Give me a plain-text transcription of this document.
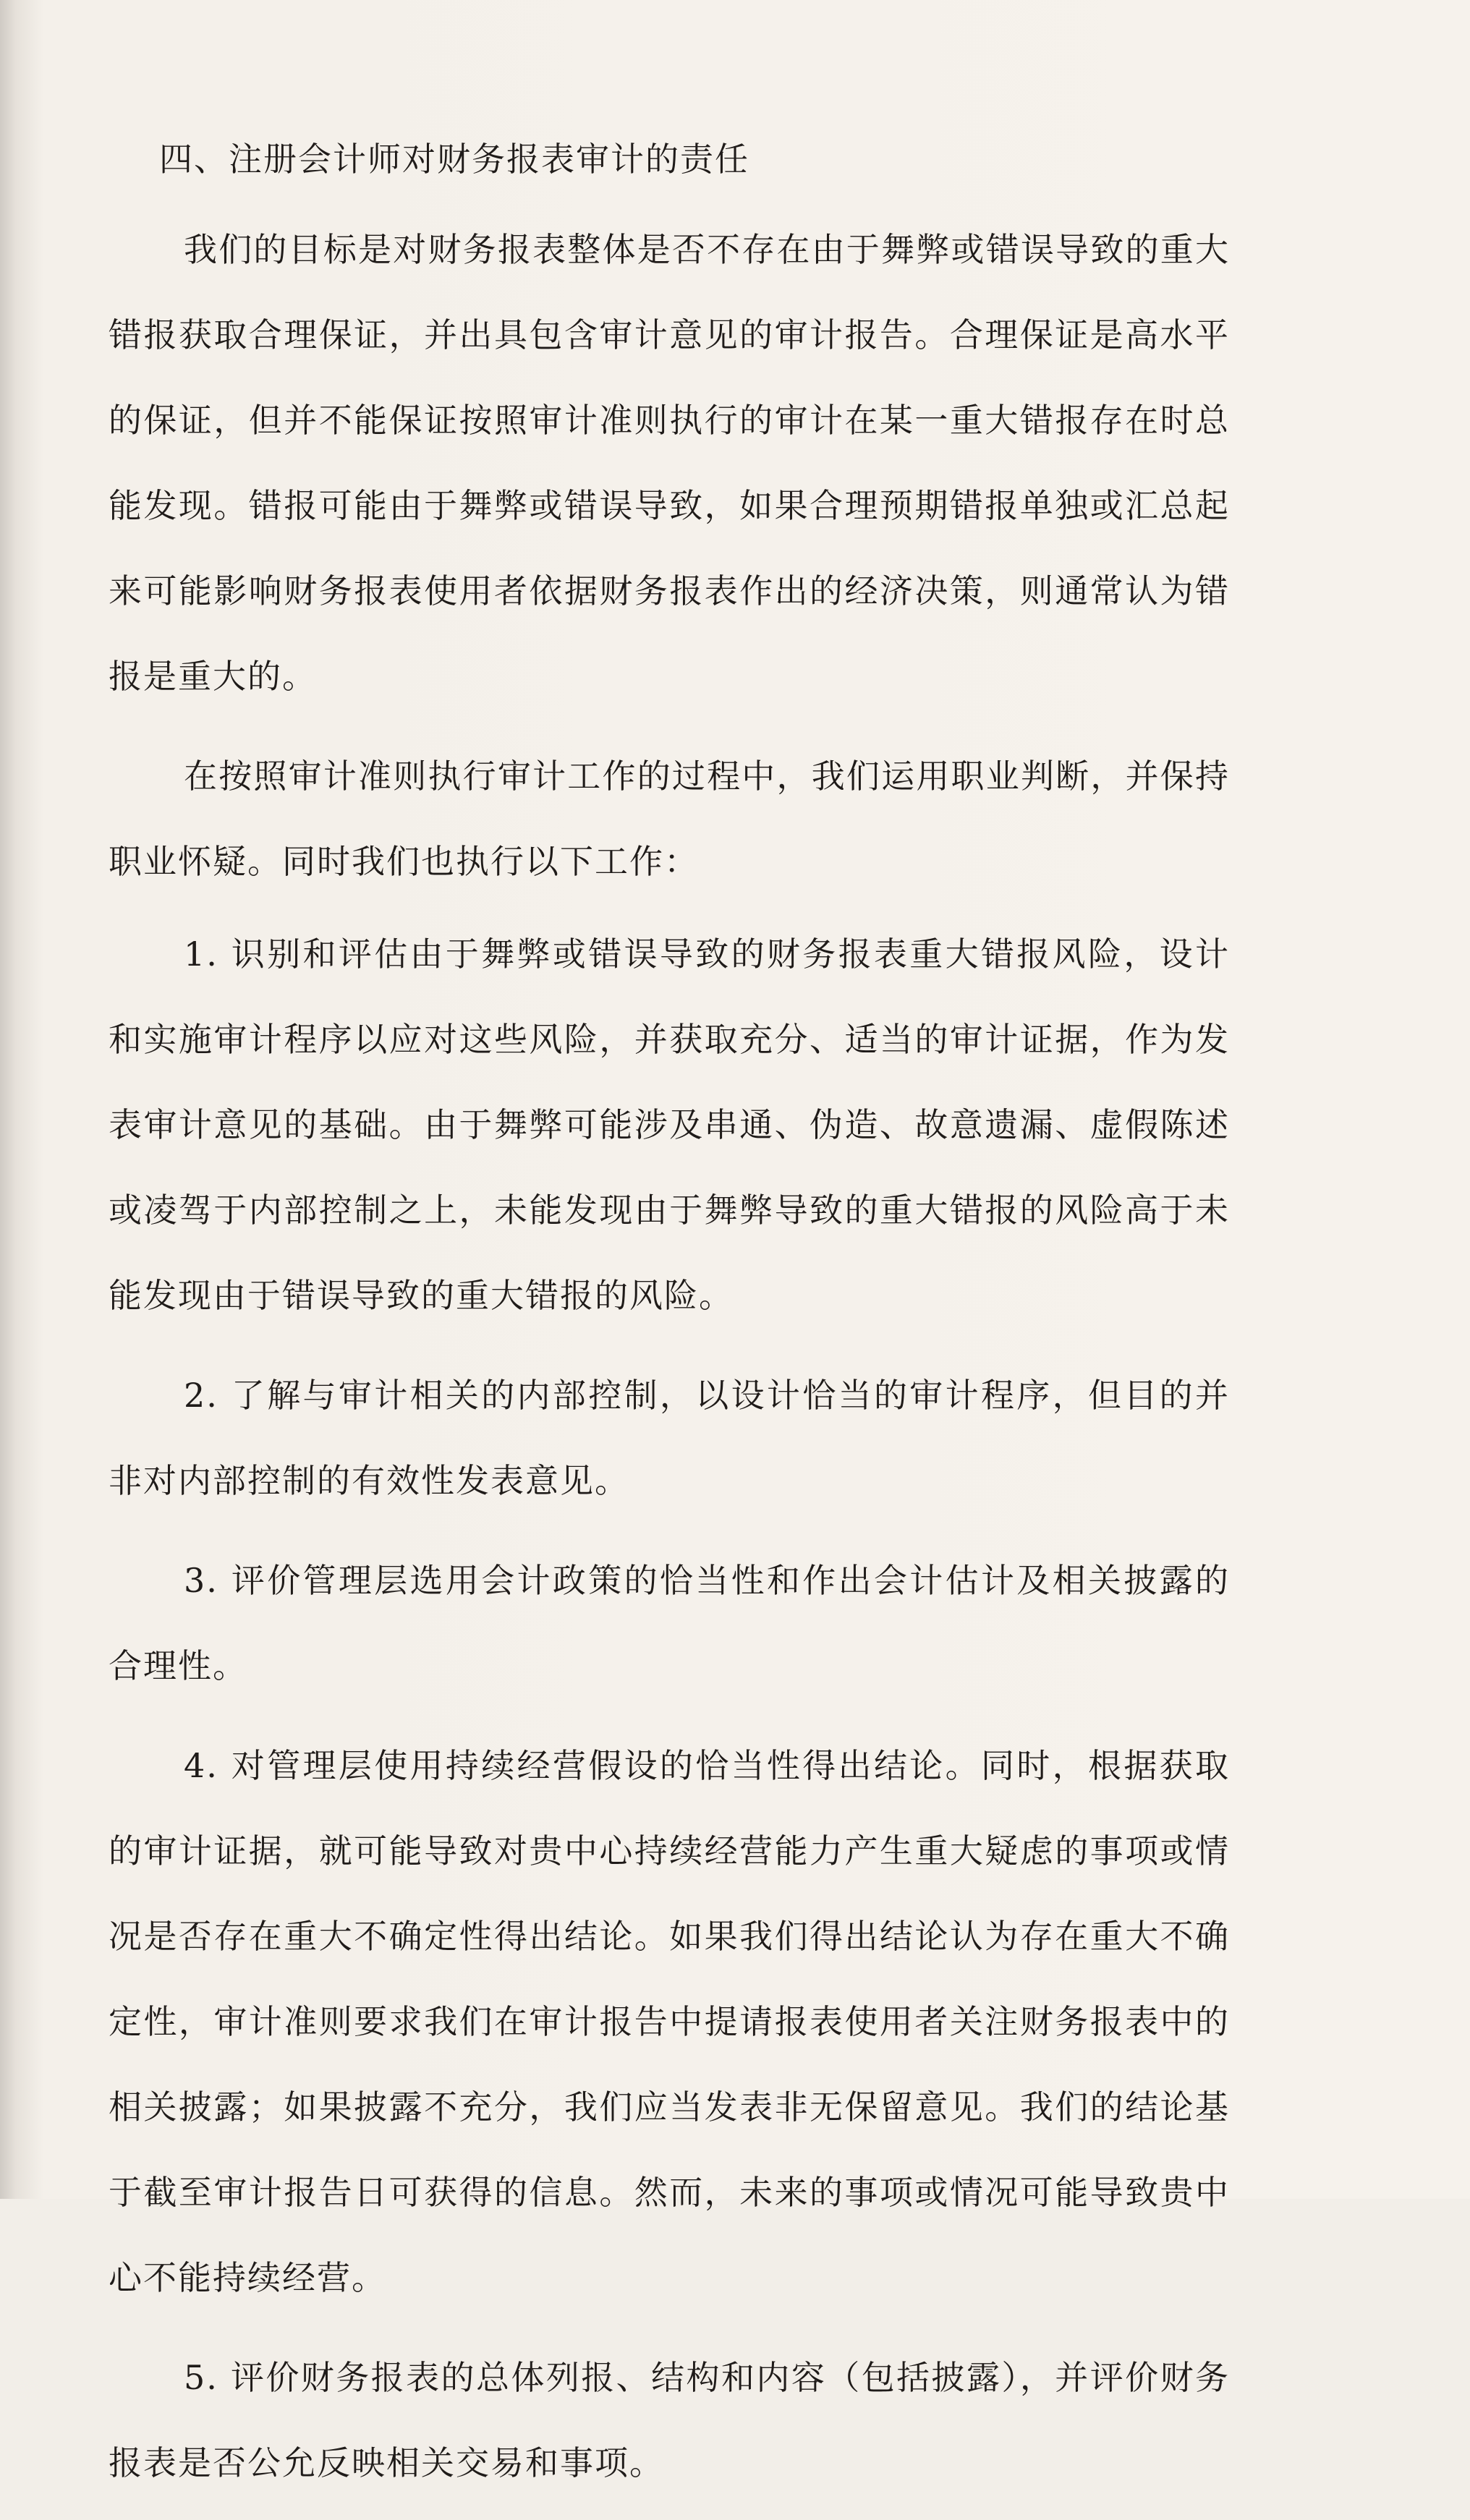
四、注册会计师对财务报表审计的责任

我们的目标是对财务报表整体是否不存在由于舞弊或错误导致的重大错报获取合理保证，并出具包含审计意见的审计报告。合理保证是高水平的保证，但并不能保证按照审计准则执行的审计在某一重大错报存在时总能发现。错报可能由于舞弊或错误导致，如果合理预期错报单独或汇总起来可能影响财务报表使用者依据财务报表作出的经济决策，则通常认为错报是重大的。

在按照审计准则执行审计工作的过程中，我们运用职业判断，并保持职业怀疑。同时我们也执行以下工作：

1. 识别和评估由于舞弊或错误导致的财务报表重大错报风险，设计和实施审计程序以应对这些风险，并获取充分、适当的审计证据，作为发表审计意见的基础。由于舞弊可能涉及串通、伪造、故意遗漏、虚假陈述或凌驾于内部控制之上，未能发现由于舞弊导致的重大错报的风险高于未能发现由于错误导致的重大错报的风险。

2. 了解与审计相关的内部控制，以设计恰当的审计程序，但目的并非对内部控制的有效性发表意见。

3. 评价管理层选用会计政策的恰当性和作出会计估计及相关披露的合理性。

4. 对管理层使用持续经营假设的恰当性得出结论。同时，根据获取的审计证据，就可能导致对贵中心持续经营能力产生重大疑虑的事项或情况是否存在重大不确定性得出结论。如果我们得出结论认为存在重大不确定性，审计准则要求我们在审计报告中提请报表使用者关注财务报表中的相关披露；如果披露不充分，我们应当发表非无保留意见。我们的结论基于截至审计报告日可获得的信息。然而，未来的事项或情况可能导致贵中心不能持续经营。

5. 评价财务报表的总体列报、结构和内容（包括披露），并评价财务报表是否公允反映相关交易和事项。
